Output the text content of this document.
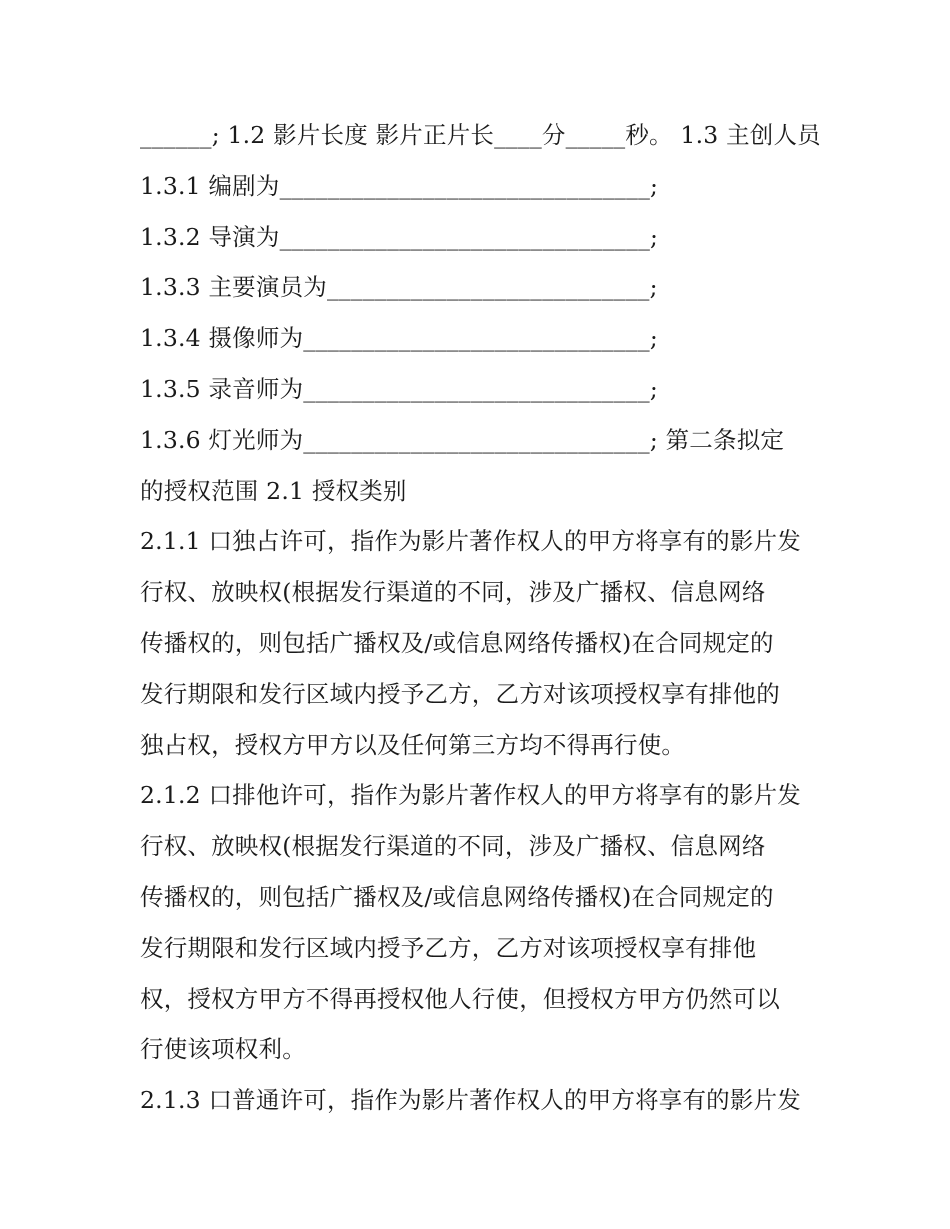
______; 1.2 影片长度 影片正片长____分_____秒。 1.3 主创人员
1.3.1 编剧为_______________________________;
1.3.2 导演为_______________________________;
1.3.3 主要演员为___________________________;
1.3.4 摄像师为_____________________________;
1.3.5 录音师为_____________________________;
1.3.6 灯光师为_____________________________; 第二条拟定
的授权范围 2.1 授权类别
2.1.1 口独占许可，指作为影片著作权人的甲方将享有的影片发
行权、放映权(根据发行渠道的不同，涉及广播权、信息网络
传播权的，则包括广播权及/或信息网络传播权)在合同规定的
发行期限和发行区域内授予乙方，乙方对该项授权享有排他的
独占权，授权方甲方以及任何第三方均不得再行使。
2.1.2 口排他许可，指作为影片著作权人的甲方将享有的影片发
行权、放映权(根据发行渠道的不同，涉及广播权、信息网络
传播权的，则包括广播权及/或信息网络传播权)在合同规定的
发行期限和发行区域内授予乙方，乙方对该项授权享有排他
权，授权方甲方不得再授权他人行使，但授权方甲方仍然可以
行使该项权利。
2.1.3 口普通许可，指作为影片著作权人的甲方将享有的影片发
